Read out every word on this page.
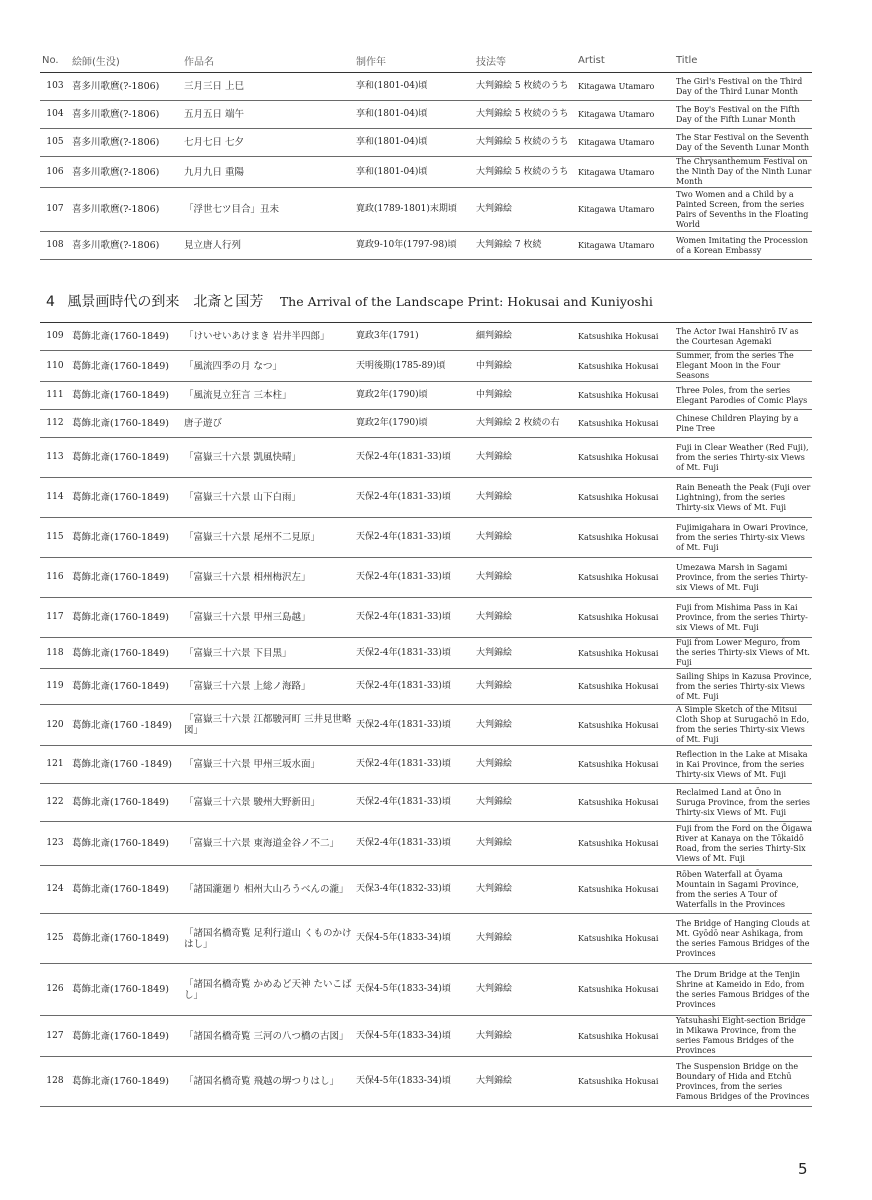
No.	絵師(生没)	作品名	制作年	技法等	Artist	Title
103	喜多川歌麿(?-1806)	三月三日 上巳	享和(1801-04)頃	大判錦絵 5 枚続のうち	Kitagawa Utamaro	The Girl's Festival on the Third Day of the Third Lunar Month
104	喜多川歌麿(?-1806)	五月五日 端午	享和(1801-04)頃	大判錦絵 5 枚続のうち	Kitagawa Utamaro	The Boy's Festival on the Fifth Day of the Fifth Lunar Month
105	喜多川歌麿(?-1806)	七月七日 七夕	享和(1801-04)頃	大判錦絵 5 枚続のうち	Kitagawa Utamaro	The Star Festival on the Seventh Day of the Seventh Lunar Month
106	喜多川歌麿(?-1806)	九月九日 重陽	享和(1801-04)頃	大判錦絵 5 枚続のうち	Kitagawa Utamaro	The Chrysanthemum Festival on the Ninth Day of the Ninth Lunar Month
107	喜多川歌麿(?-1806)	「浮世七ツ目合」丑未	寛政(1789-1801)末期頃	大判錦絵	Kitagawa Utamaro	Two Women and a Child by a Painted Screen, from the series Pairs of Sevenths in the Floating World
108	喜多川歌麿(?-1806)	見立唐人行列	寛政9-10年(1797-98)頃	大判錦絵 7 枚続	Kitagawa Utamaro	Women Imitating the Procession of a Korean Embassy
4 風景画時代の到来　北斎と国芳 The Arrival of the Landscape Print: Hokusai and Kuniyoshi
109	葛飾北斎(1760-1849)	「けいせいあけまき 岩井半四郎」	寛政3年(1791)	細判錦絵	Katsushika Hokusai	The Actor Iwai Hanshirō IV as the Courtesan Agemaki
110	葛飾北斎(1760-1849)	「風流四季の月 なつ」	天明後期(1785-89)頃	中判錦絵	Katsushika Hokusai	Summer, from the series The Elegant Moon in the Four Seasons
111	葛飾北斎(1760-1849)	「風流見立狂言 三本柱」	寛政2年(1790)頃	中判錦絵	Katsushika Hokusai	Three Poles, from the series Elegant Parodies of Comic Plays
112	葛飾北斎(1760-1849)	唐子遊び	寛政2年(1790)頃	大判錦絵 2 枚続の右	Katsushika Hokusai	Chinese Children Playing by a Pine Tree
113	葛飾北斎(1760-1849)	「富嶽三十六景 凱風快晴」	天保2-4年(1831-33)頃	大判錦絵	Katsushika Hokusai	Fuji in Clear Weather (Red Fuji), from the series Thirty-six Views of Mt. Fuji
114	葛飾北斎(1760-1849)	「富嶽三十六景 山下白雨」	天保2-4年(1831-33)頃	大判錦絵	Katsushika Hokusai	Rain Beneath the Peak (Fuji over Lightning), from the series Thirty-six Views of Mt. Fuji
115	葛飾北斎(1760-1849)	「富嶽三十六景 尾州不二見原」	天保2-4年(1831-33)頃	大判錦絵	Katsushika Hokusai	Fujimigahara in Owari Province, from the series Thirty-six Views of Mt. Fuji
116	葛飾北斎(1760-1849)	「富嶽三十六景 相州梅沢左」	天保2-4年(1831-33)頃	大判錦絵	Katsushika Hokusai	Umezawa Marsh in Sagami Province, from the series Thirty-six Views of Mt. Fuji
117	葛飾北斎(1760-1849)	「富嶽三十六景 甲州三島越」	天保2-4年(1831-33)頃	大判錦絵	Katsushika Hokusai	Fuji from Mishima Pass in Kai Province, from the series Thirty-six Views of Mt. Fuji
118	葛飾北斎(1760-1849)	「富嶽三十六景 下目黒」	天保2-4年(1831-33)頃	大判錦絵	Katsushika Hokusai	Fuji from Lower Meguro, from the series Thirty-six Views of Mt. Fuji
119	葛飾北斎(1760-1849)	「富嶽三十六景 上総ノ海路」	天保2-4年(1831-33)頃	大判錦絵	Katsushika Hokusai	Sailing Ships in Kazusa Province, from the series Thirty-six Views of Mt. Fuji
120	葛飾北斎(1760 -1849)	「富嶽三十六景 江都駿河町 三井見世略図」	天保2-4年(1831-33)頃	大判錦絵	Katsushika Hokusai	A Simple Sketch of the Mitsui Cloth Shop at Surugachō in Edo, from the series Thirty-six Views of Mt. Fuji
121	葛飾北斎(1760 -1849)	「富嶽三十六景 甲州三坂水面」	天保2-4年(1831-33)頃	大判錦絵	Katsushika Hokusai	Reflection in the Lake at Misaka in Kai Province, from the series Thirty-six Views of Mt. Fuji
122	葛飾北斎(1760-1849)	「富嶽三十六景 駿州大野新田」	天保2-4年(1831-33)頃	大判錦絵	Katsushika Hokusai	Reclaimed Land at Ōno in Suruga Province, from the series Thirty-six Views of Mt. Fuji
123	葛飾北斎(1760-1849)	「富嶽三十六景 東海道金谷ノ不二」	天保2-4年(1831-33)頃	大判錦絵	Katsushika Hokusai	Fuji from the Ford on the Ōigawa River at Kanaya on the Tōkaidō Road, from the series Thirty-Six Views of Mt. Fuji
124	葛飾北斎(1760-1849)	「諸国瀧廻り 相州大山ろうべんの瀧」	天保3-4年(1832-33)頃	大判錦絵	Katsushika Hokusai	Rōben Waterfall at Ōyama Mountain in Sagami Province, from the series A Tour of Waterfalls in the Provinces
125	葛飾北斎(1760-1849)	「諸国名橋奇覧 足利行道山 くものかけはし」	天保4-5年(1833-34)頃	大判錦絵	Katsushika Hokusai	The Bridge of Hanging Clouds at Mt. Gyōdō near Ashikaga, from the series Famous Bridges of the Provinces
126	葛飾北斎(1760-1849)	「諸国名橋奇覧 かめゐど天神 たいこばし」	天保4-5年(1833-34)頃	大判錦絵	Katsushika Hokusai	The Drum Bridge at the Tenjin Shrine at Kameido in Edo, from the series Famous Bridges of the Provinces
127	葛飾北斎(1760-1849)	「諸国名橋奇覧 三河の八つ橋の古図」	天保4-5年(1833-34)頃	大判錦絵	Katsushika Hokusai	Yatsuhashi Eight-section Bridge in Mikawa Province, from the series Famous Bridges of the Provinces
128	葛飾北斎(1760-1849)	「諸国名橋奇覧 飛越の堺つりはし」	天保4-5年(1833-34)頃	大判錦絵	Katsushika Hokusai	The Suspension Bridge on the Boundary of Hida and Etchū Provinces, from the series Famous Bridges of the Provinces
5
